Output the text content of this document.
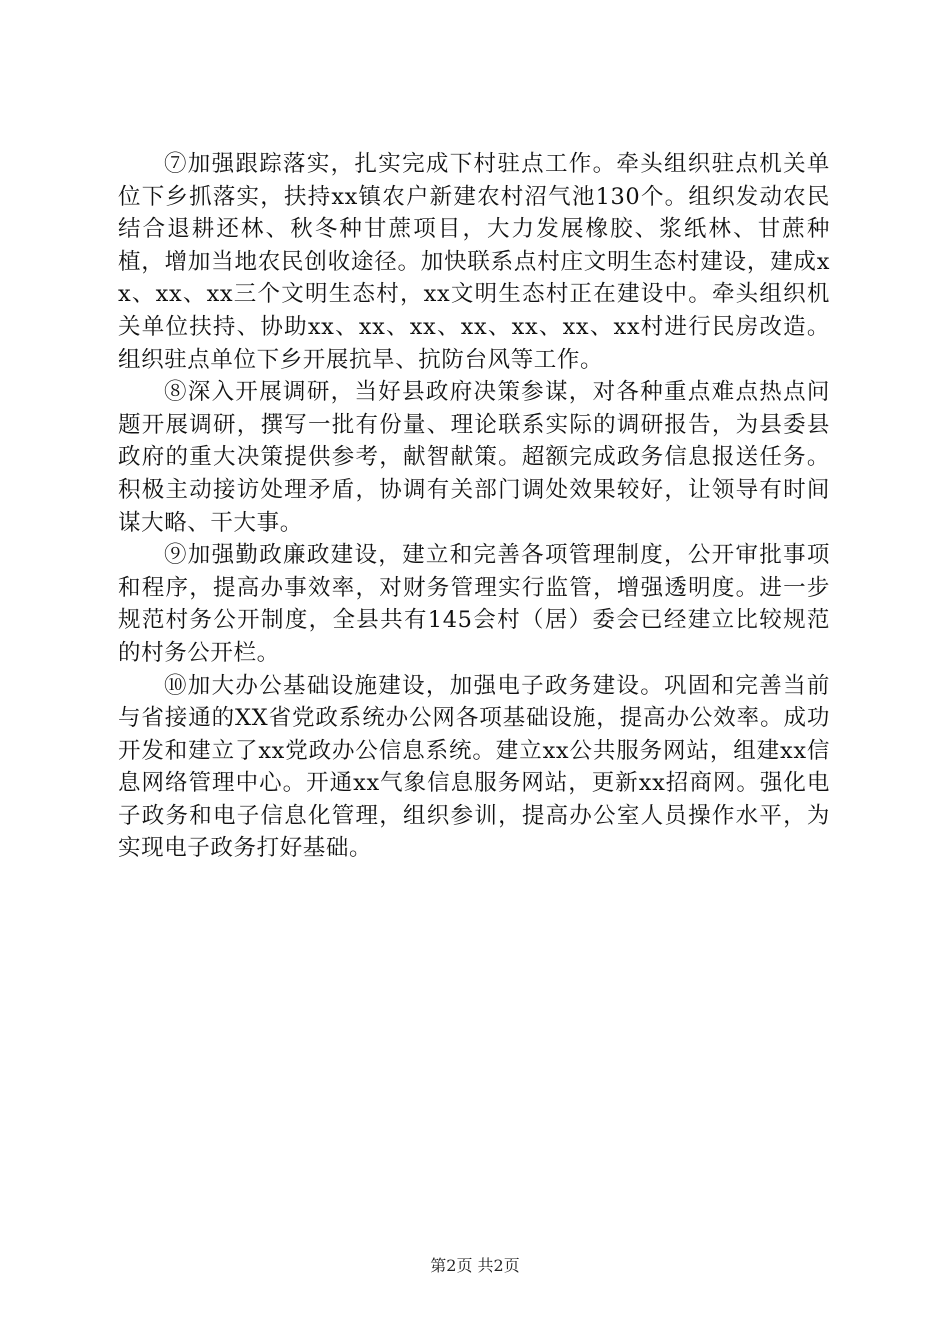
⑦加强跟踪落实，扎实完成下村驻点工作。牵头组织驻点机关单位下乡抓落实，扶持xx镇农户新建农村沼气池130个。组织发动农民结合退耕还林、秋冬种甘蔗项目，大力发展橡胶、浆纸林、甘蔗种植，增加当地农民创收途径。加快联系点村庄文明生态村建设，建成xx、xx、xx三个文明生态村，xx文明生态村正在建设中。牵头组织机关单位扶持、协助xx、xx、xx、xx、xx、xx、xx村进行民房改造。组织驻点单位下乡开展抗旱、抗防台风等工作。

⑧深入开展调研，当好县政府决策参谋，对各种重点难点热点问题开展调研，撰写一批有份量、理论联系实际的调研报告，为县委县政府的重大决策提供参考，献智献策。超额完成政务信息报送任务。积极主动接访处理矛盾，协调有关部门调处效果较好，让领导有时间谋大略、干大事。

⑨加强勤政廉政建设，建立和完善各项管理制度，公开审批事项和程序，提高办事效率，对财务管理实行监管，增强透明度。进一步规范村务公开制度，全县共有145会村（居）委会已经建立比较规范的村务公开栏。

⑩加大办公基础设施建设，加强电子政务建设。巩固和完善当前与省接通的XX省党政系统办公网各项基础设施，提高办公效率。成功开发和建立了xx党政办公信息系统。建立xx公共服务网站，组建xx信息网络管理中心。开通xx气象信息服务网站，更新xx招商网。强化电子政务和电子信息化管理，组织参训，提高办公室人员操作水平，为实现电子政务打好基础。

第2页 共2页
